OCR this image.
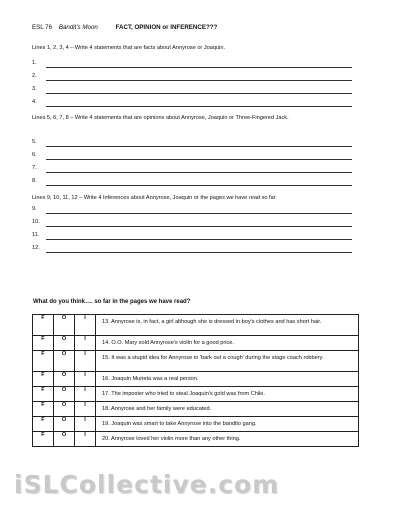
ESL 76 Bandit's Moon	FACT, OPINION or INFERENCE???
Lines 1, 2, 3, 4 – Write 4 statements that are facts about Annyrose or Joaquin.
1.
2.
3.
4.
Lines 5, 6, 7, 8 – Write 4 statements that are opinions about Annyrose, Joaquin or Three-Fingered Jack.
5.
6.
7.
8.
Lines 9, 10, 11, 12 – Write 4 Inferences about Annyrose, Joaquin or the pages we have read so far
9.
10.
11.
12.
What do you think…. so far in the pages we have read?
F	O	I	13. Annyrose is, in fact, a girl although she is dressed in boy's clothes and has short hair.
F	O	I	14. O.O. Mary sold Annyrose's violin for a good price.
F	O	I	15. It was a stupid idea for Annyrose to 'bark out a cough' during the stage coach robbery.
F	O	I	16. Joaquin Murieta was a real person.
F	O	I	17. The imposter who tried to steal Joaquin's gold was from Chile.
F	O	I	18. Annyrose and her family were educated.
F	O	I	19. Joaquin was smart to take Annyrose into the bandito gang.
F	O	I	20. Annyrose loved her violin more than any other thing.
iSLCollective.com
